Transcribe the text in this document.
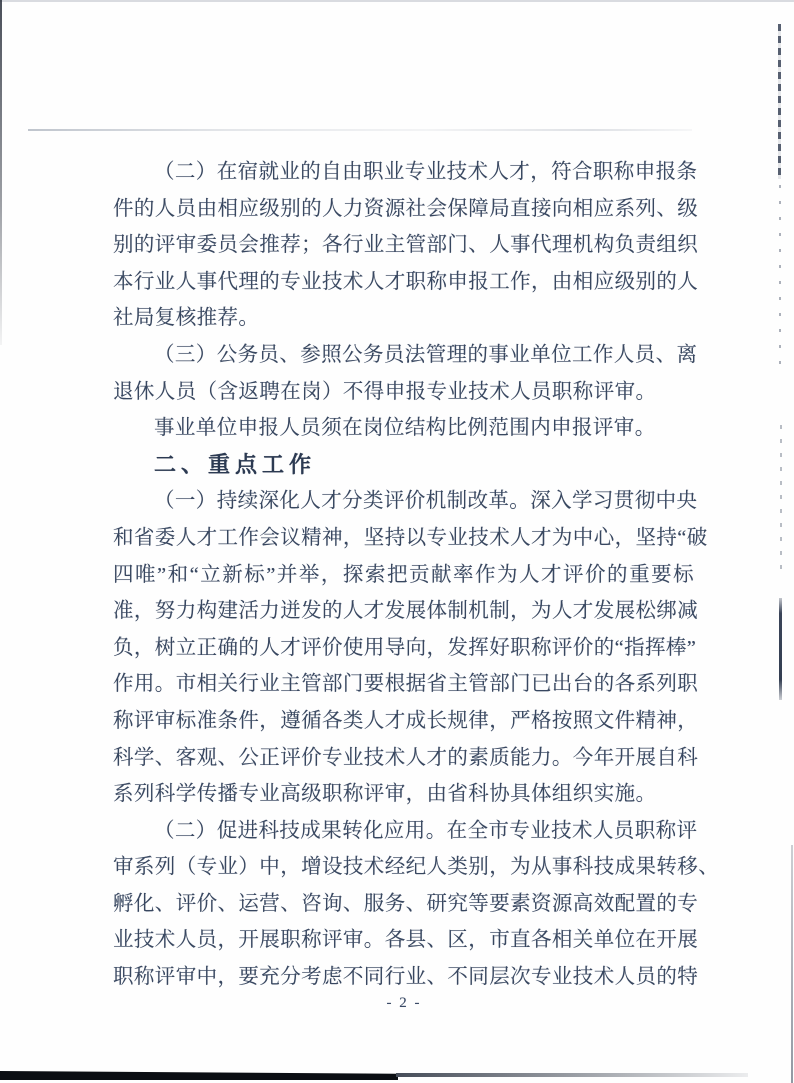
（二）在宿就业的自由职业专业技术人才，符合职称申报条
件的人员由相应级别的人力资源社会保障局直接向相应系列、级
别的评审委员会推荐；各行业主管部门、人事代理机构负责组织
本行业人事代理的专业技术人才职称申报工作，由相应级别的人
社局复核推荐。
（三）公务员、参照公务员法管理的事业单位工作人员、离
退休人员（含返聘在岗）不得申报专业技术人员职称评审。
事业单位申报人员须在岗位结构比例范围内申报评审。
二、重点工作
（一）持续深化人才分类评价机制改革。深入学习贯彻中央
和省委人才工作会议精神，坚持以专业技术人才为中心，坚持“破
四唯”和“立新标”并举，探索把贡献率作为人才评价的重要标
准，努力构建活力迸发的人才发展体制机制，为人才发展松绑减
负，树立正确的人才评价使用导向，发挥好职称评价的“指挥棒”
作用。市相关行业主管部门要根据省主管部门已出台的各系列职
称评审标准条件，遵循各类人才成长规律，严格按照文件精神，
科学、客观、公正评价专业技术人才的素质能力。今年开展自科
系列科学传播专业高级职称评审，由省科协具体组织实施。
（二）促进科技成果转化应用。在全市专业技术人员职称评
审系列（专业）中，增设技术经纪人类别，为从事科技成果转移、
孵化、评价、运营、咨询、服务、研究等要素资源高效配置的专
业技术人员，开展职称评审。各县、区，市直各相关单位在开展
职称评审中，要充分考虑不同行业、不同层次专业技术人员的特
- 2 -
